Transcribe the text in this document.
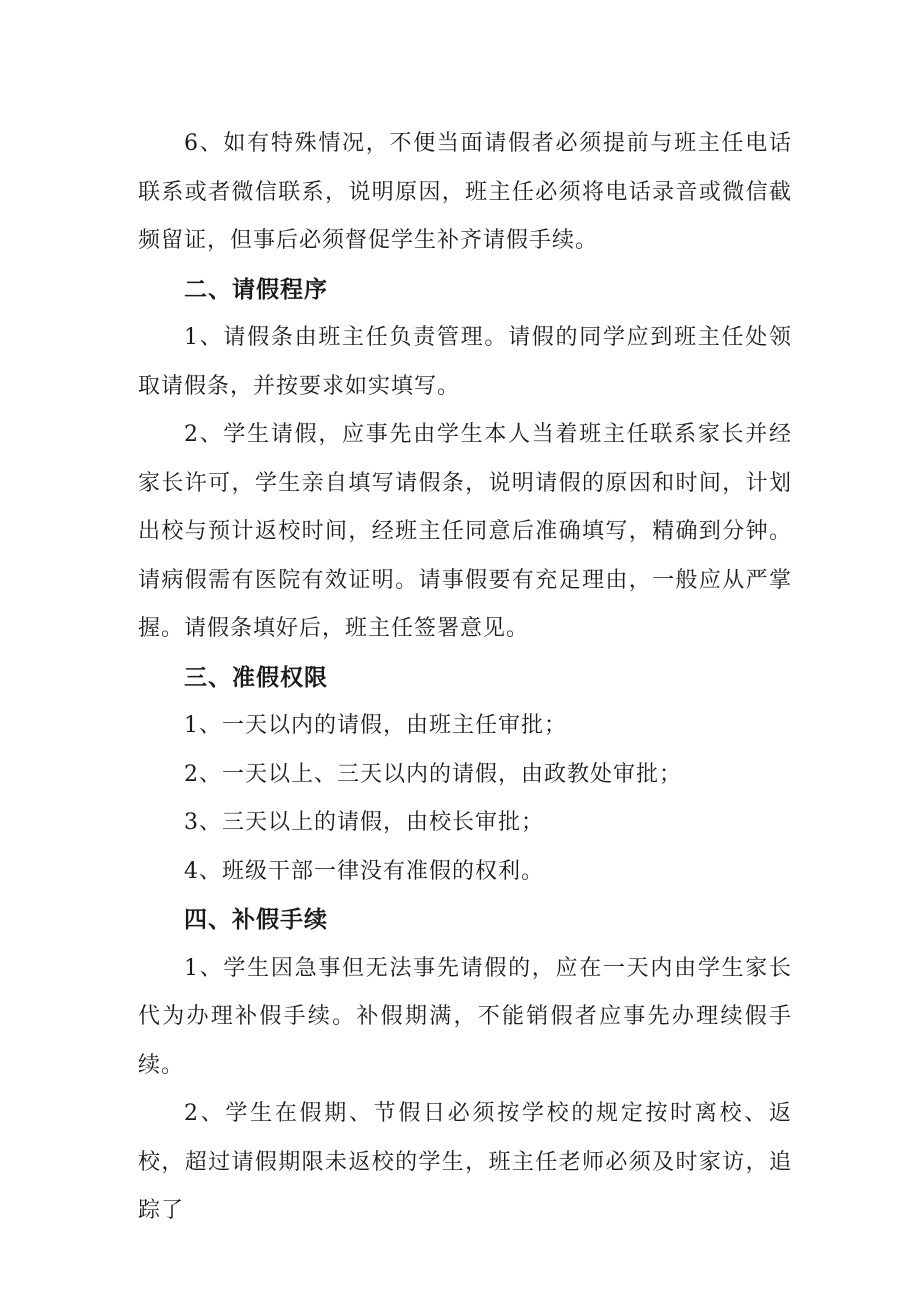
6、如有特殊情况，不便当面请假者必须提前与班主任电话联系或者微信联系，说明原因，班主任必须将电话录音或微信截频留证，但事后必须督促学生补齐请假手续。

二、请假程序

1、请假条由班主任负责管理。请假的同学应到班主任处领取请假条，并按要求如实填写。

2、学生请假，应事先由学生本人当着班主任联系家长并经家长许可，学生亲自填写请假条，说明请假的原因和时间，计划出校与预计返校时间，经班主任同意后准确填写，精确到分钟。请病假需有医院有效证明。请事假要有充足理由，一般应从严掌握。请假条填好后，班主任签署意见。

三、准假权限

1、一天以内的请假，由班主任审批；

2、一天以上、三天以内的请假，由政教处审批；

3、三天以上的请假，由校长审批；

4、班级干部一律没有准假的权利。

四、补假手续

1、学生因急事但无法事先请假的，应在一天内由学生家长代为办理补假手续。补假期满，不能销假者应事先办理续假手续。

2、学生在假期、节假日必须按学校的规定按时离校、返校，超过请假期限未返校的学生，班主任老师必须及时家访，追踪了
